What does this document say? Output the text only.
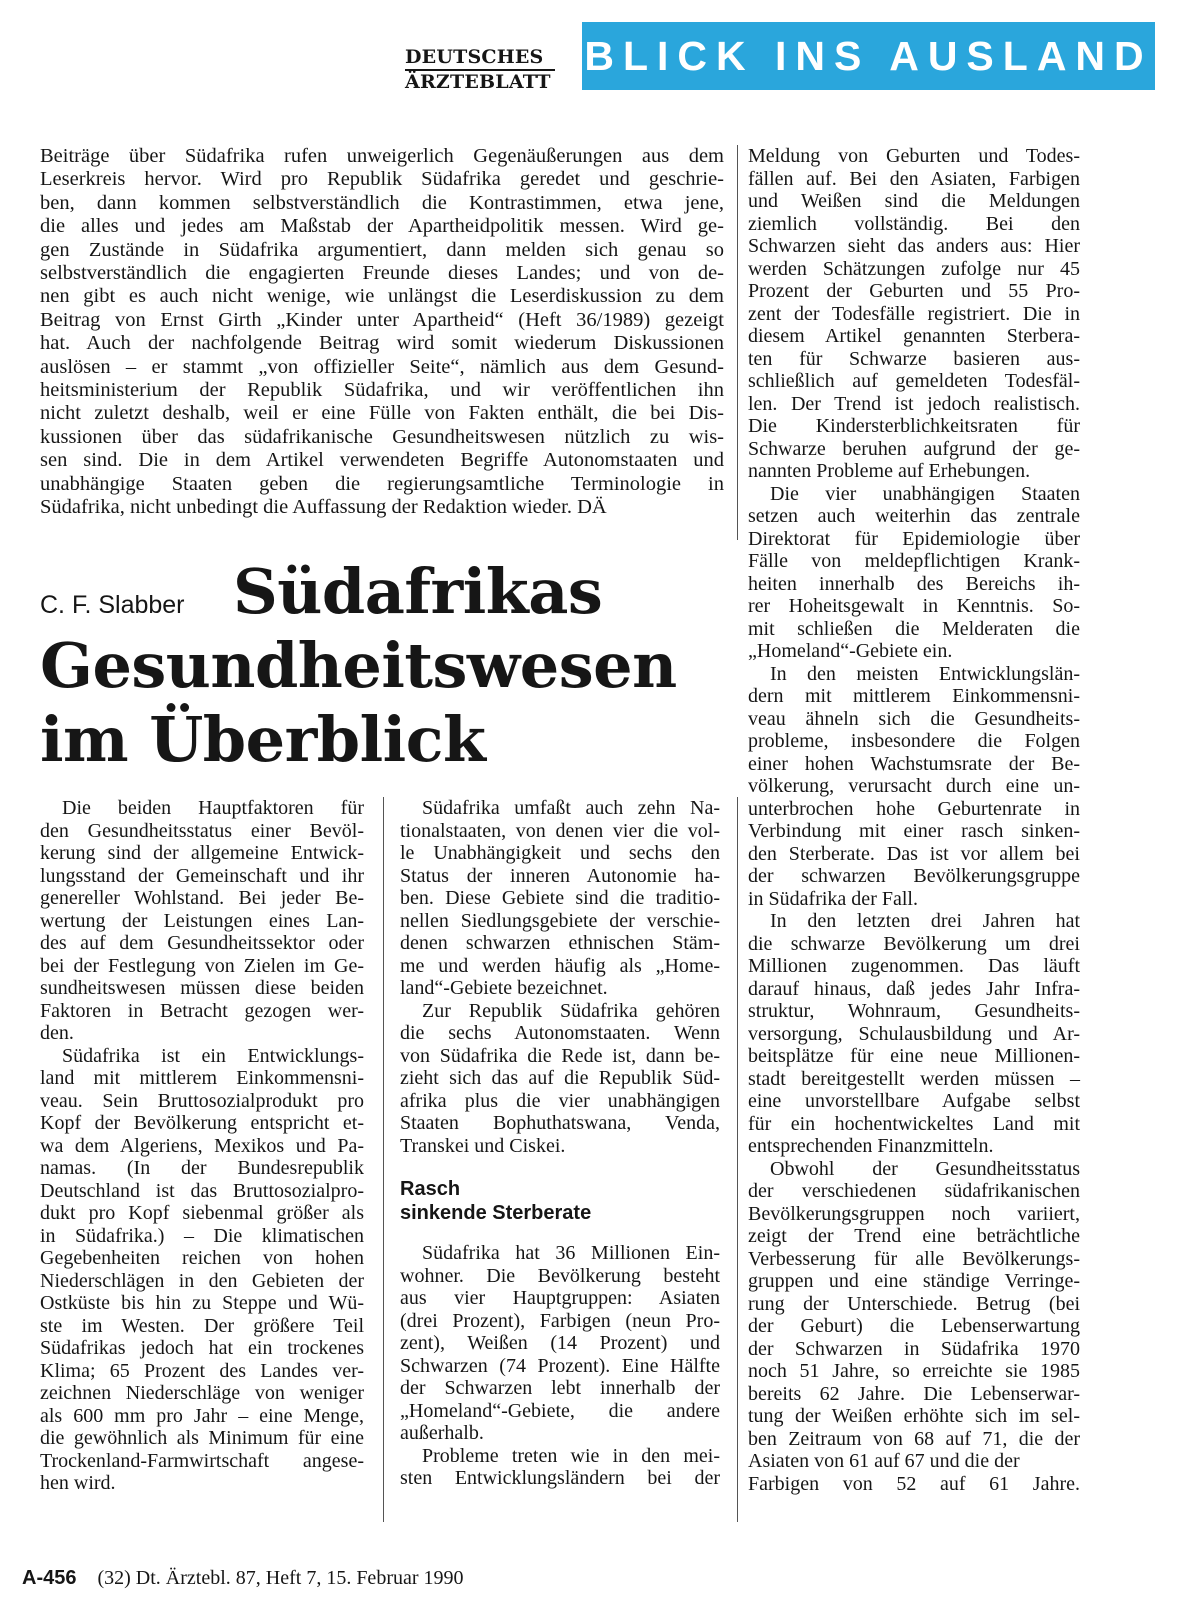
DEUTSCHES
ÄRZTEBLATT
BLICK INS AUSLAND
Beiträge über Südafrika rufen unweigerlich Gegenäußerungen aus dem
Leserkreis hervor. Wird pro Republik Südafrika geredet und geschrie-
ben, dann kommen selbstverständlich die Kontrastimmen, etwa jene,
die alles und jedes am Maßstab der Apartheidpolitik messen. Wird ge-
gen Zustände in Südafrika argumentiert, dann melden sich genau so
selbstverständlich die engagierten Freunde dieses Landes; und von de-
nen gibt es auch nicht wenige, wie unlängst die Leserdiskussion zu dem
Beitrag von Ernst Girth „Kinder unter Apartheid“ (Heft 36/1989) gezeigt
hat. Auch der nachfolgende Beitrag wird somit wiederum Diskussionen
auslösen – er stammt „von offizieller Seite“, nämlich aus dem Gesund-
heitsministerium der Republik Südafrika, und wir veröffentlichen ihn
nicht zuletzt deshalb, weil er eine Fülle von Fakten enthält, die bei Dis-
kussionen über das südafrikanische Gesundheitswesen nützlich zu wis-
sen sind. Die in dem Artikel verwendeten Begriffe Autonomstaaten und
unabhängige Staaten geben die regierungsamtliche Terminologie in
Südafrika, nicht unbedingt die Auffassung der Redaktion wieder. DÄ
Südafrikas
Gesundheitswesen
im Überblick
C. F. Slabber
Die beiden Hauptfaktoren für
den Gesundheitsstatus einer Bevöl-
kerung sind der allgemeine Entwick-
lungsstand der Gemeinschaft und ihr
genereller Wohlstand. Bei jeder Be-
wertung der Leistungen eines Lan-
des auf dem Gesundheitssektor oder
bei der Festlegung von Zielen im Ge-
sundheitswesen müssen diese beiden
Faktoren in Betracht gezogen wer-
den.
Südafrika ist ein Entwicklungs-
land mit mittlerem Einkommensni-
veau. Sein Bruttosozialprodukt pro
Kopf der Bevölkerung entspricht et-
wa dem Algeriens, Mexikos und Pa-
namas. (In der Bundesrepublik
Deutschland ist das Bruttosozialpro-
dukt pro Kopf siebenmal größer als
in Südafrika.) – Die klimatischen
Gegebenheiten reichen von hohen
Niederschlägen in den Gebieten der
Ostküste bis hin zu Steppe und Wü-
ste im Westen. Der größere Teil
Südafrikas jedoch hat ein trockenes
Klima; 65 Prozent des Landes ver-
zeichnen Niederschläge von weniger
als 600 mm pro Jahr – eine Menge,
die gewöhnlich als Minimum für eine
Trockenland-Farmwirtschaft angese-
hen wird.
Südafrika umfaßt auch zehn Na-
tionalstaaten, von denen vier die vol-
le Unabhängigkeit und sechs den
Status der inneren Autonomie ha-
ben. Diese Gebiete sind die traditio-
nellen Siedlungsgebiete der verschie-
denen schwarzen ethnischen Stäm-
me und werden häufig als „Home-
land“-Gebiete bezeichnet.
Zur Republik Südafrika gehören
die sechs Autonomstaaten. Wenn
von Südafrika die Rede ist, dann be-
zieht sich das auf die Republik Süd-
afrika plus die vier unabhängigen
Staaten Bophuthatswana, Venda,
Transkei und Ciskei.
Rasch
sinkende Sterberate
Südafrika hat 36 Millionen Ein-
wohner. Die Bevölkerung besteht
aus vier Hauptgruppen: Asiaten
(drei Prozent), Farbigen (neun Pro-
zent), Weißen (14 Prozent) und
Schwarzen (74 Prozent). Eine Hälfte
der Schwarzen lebt innerhalb der
„Homeland“-Gebiete, die andere
außerhalb.
Probleme treten wie in den mei-
sten Entwicklungsländern bei der
Meldung von Geburten und Todes-
fällen auf. Bei den Asiaten, Farbigen
und Weißen sind die Meldungen
ziemlich vollständig. Bei den
Schwarzen sieht das anders aus: Hier
werden Schätzungen zufolge nur 45
Prozent der Geburten und 55 Pro-
zent der Todesfälle registriert. Die in
diesem Artikel genannten Sterbera-
ten für Schwarze basieren aus-
schließlich auf gemeldeten Todesfäl-
len. Der Trend ist jedoch realistisch.
Die Kindersterblichkeitsraten für
Schwarze beruhen aufgrund der ge-
nannten Probleme auf Erhebungen.
Die vier unabhängigen Staaten
setzen auch weiterhin das zentrale
Direktorat für Epidemiologie über
Fälle von meldepflichtigen Krank-
heiten innerhalb des Bereichs ih-
rer Hoheitsgewalt in Kenntnis. So-
mit schließen die Melderaten die
„Homeland“-Gebiete ein.
In den meisten Entwicklungslän-
dern mit mittlerem Einkommensni-
veau ähneln sich die Gesundheits-
probleme, insbesondere die Folgen
einer hohen Wachstumsrate der Be-
völkerung, verursacht durch eine un-
unterbrochen hohe Geburtenrate in
Verbindung mit einer rasch sinken-
den Sterberate. Das ist vor allem bei
der schwarzen Bevölkerungsgruppe
in Südafrika der Fall.
In den letzten drei Jahren hat
die schwarze Bevölkerung um drei
Millionen zugenommen. Das läuft
darauf hinaus, daß jedes Jahr Infra-
struktur, Wohnraum, Gesundheits-
versorgung, Schulausbildung und Ar-
beitsplätze für eine neue Millionen-
stadt bereitgestellt werden müssen –
eine unvorstellbare Aufgabe selbst
für ein hochentwickeltes Land mit
entsprechenden Finanzmitteln.
Obwohl der Gesundheitsstatus
der verschiedenen südafrikanischen
Bevölkerungsgruppen noch variiert,
zeigt der Trend eine beträchtliche
Verbesserung für alle Bevölkerungs-
gruppen und eine ständige Verringe-
rung der Unterschiede. Betrug (bei
der Geburt) die Lebenserwartung
der Schwarzen in Südafrika 1970
noch 51 Jahre, so erreichte sie 1985
bereits 62 Jahre. Die Lebenserwar-
tung der Weißen erhöhte sich im sel-
ben Zeitraum von 68 auf 71, die der
Asiaten von 61 auf 67 und die der
Farbigen von 52 auf 61 Jahre.
A-456 (32) Dt. Ärztebl. 87, Heft 7, 15. Februar 1990
